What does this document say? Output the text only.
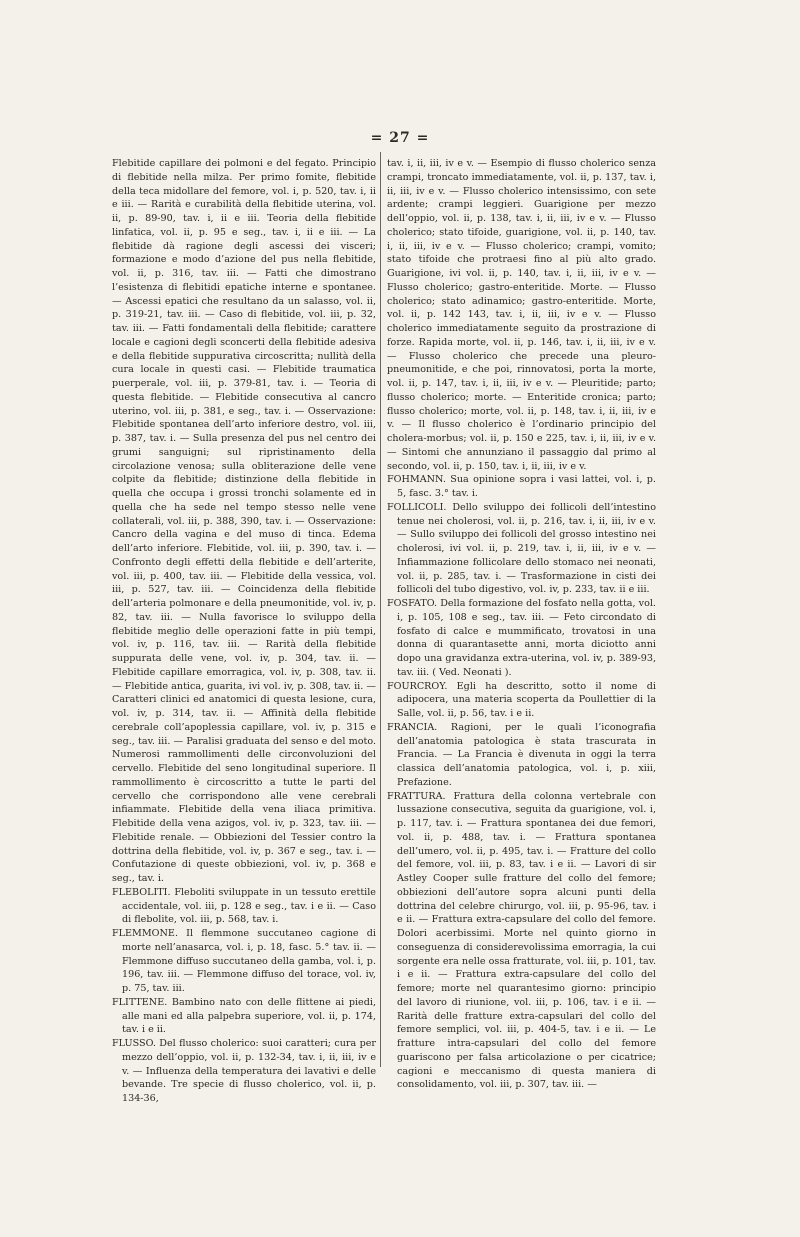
= 27 =

Flebitide capillare dei polmoni e del fegato. Principio di flebitide nella milza. Per primo fomite, flebitide della teca midollare del femore, vol. i, p. 520, tav. i, ii e iii. — Rarità e curabilità della flebitide uterina, vol. ii, p. 89-90, tav. i, ii e iii. Teoria della flebitide linfatica, vol. ii, p. 95 e seg., tav. i, ii e iii. — La flebitide dà ragione degli ascessi dei visceri; formazione e modo d’azione del pus nella flebitide, vol. ii, p. 316, tav. iii. — Fatti che dimostrano l’esistenza di flebitidi epatiche interne e spontanee. — Ascessi epatici che resultano da un salasso, vol. ii, p. 319-21, tav. iii. — Caso di flebitide, vol. iii, p. 32, tav. iii. — Fatti fondamentali della flebitide; carattere locale e cagioni degli sconcerti della flebitide adesiva e della flebitide suppurativa circoscritta; nullità della cura locale in questi casi. — Flebitide traumatica puerperale, vol. iii, p. 379-81, tav. i. — Teoria di questa flebitide. — Flebitide consecutiva al cancro uterino, vol. iii, p. 381, e seg., tav. i. — Osservazione: Flebitide spontanea dell’arto inferiore destro, vol. iii, p. 387, tav. i. — Sulla presenza del pus nel centro dei grumi sanguigni; sul ripristinamento della circolazione venosa; sulla obliterazione delle vene colpite da flebitide; distinzione della flebitide in quella che occupa i grossi tronchi solamente ed in quella che ha sede nel tempo stesso nelle vene collaterali, vol. iii, p. 388, 390, tav. i. — Osservazione: Cancro della vagina e del muso di tinca. Edema dell’arto inferiore. Flebitide, vol. iii, p. 390, tav. i. — Confronto degli effetti della flebitide e dell’arterite, vol. iii, p. 400, tav. iii. — Flebitide della vessica, vol. iii, p. 527, tav. iii. — Coincidenza della flebitide dell’arteria polmonare e della pneumonitide, vol. iv, p. 82, tav. iii. — Nulla favorisce lo sviluppo della flebitide meglio delle operazioni fatte in più tempi, vol. iv, p. 116, tav. iii. — Rarità della flebitide suppurata delle vene, vol. iv, p. 304, tav. ii. — Flebitide capillare emorragica, vol. iv, p. 308, tav. ii. — Flebitide antica, guarita, ivi vol. iv, p. 308, tav. ii. — Caratteri clinici ed anatomici di questa lesione, cura, vol. iv, p. 314, tav. ii. — Affinità della flebitide cerebrale coll’apoplessia capillare, vol. iv, p. 315 e seg., tav. iii. — Paralisi graduata del senso e del moto. Numerosi rammollimenti delle circonvoluzioni del cervello. Flebitide del seno longitudinal superiore. Il rammollimento è circoscritto a tutte le parti del cervello che corrispondono alle vene cerebrali infiammate. Flebitide della vena iliaca primitiva. Flebitide della vena azigos, vol. iv, p. 323, tav. iii. — Flebitide renale. — Obbiezioni del Tessier contro la dottrina della flebitide, vol. iv, p. 367 e seg., tav. i. — Confutazione di queste obbiezioni, vol. iv, p. 368 e seg., tav. i.

FLEBOLITI. Fleboliti sviluppate in un tessuto erettile accidentale, vol. iii, p. 128 e seg., tav. i e ii. — Caso di flebolite, vol. iii, p. 568, tav. i.

FLEMMONE. Il flemmone succutaneo cagione di morte nell’anasarca, vol. i, p. 18, fasc. 5.° tav. ii. — Flemmone diffuso succutaneo della gamba, vol. i, p. 196, tav. iii. — Flemmone diffuso del torace, vol. iv, p. 75, tav. iii.

FLITTENE. Bambino nato con delle flittene ai piedi, alle mani ed alla palpebra superiore, vol. ii, p. 174, tav. i e ii.

FLUSSO. Del flusso cholerico: suoi caratteri; cura per mezzo dell’oppio, vol. ii, p. 132-34, tav. i, ii, iii, iv e v. — Influenza della temperatura dei lavativi e delle bevande. Tre specie di flusso cholerico, vol. ii, p. 134-36,

tav. i, ii, iii, iv e v. — Esempio di flusso cholerico senza crampi, troncato immediatamente, vol. ii, p. 137, tav. i, ii, iii, iv e v. — Flusso cholerico intensissimo, con sete ardente; crampi leggieri. Guarigione per mezzo dell’oppio, vol. ii, p. 138, tav. i, ii, iii, iv e v. — Flusso cholerico; stato tifoide, guarigione, vol. ii, p. 140, tav. i, ii, iii, iv e v. — Flusso cholerico; crampi, vomito; stato tifoide che protraesi fino al più alto grado. Guarigione, ivi vol. ii, p. 140, tav. i, ii, iii, iv e v. — Flusso cholerico; gastro-enteritide. Morte. — Flusso cholerico; stato adinamico; gastro-enteritide. Morte, vol. ii, p. 142 143, tav. i, ii, iii, iv e v. — Flusso cholerico immediatamente seguito da prostrazione di forze. Rapida morte, vol. ii, p. 146, tav. i, ii, iii, iv e v. — Flusso cholerico che precede una pleuro-pneumonitide, e che poi, rinnovatosi, porta la morte, vol. ii, p. 147, tav. i, ii, iii, iv e v. — Pleuritide; parto; flusso cholerico; morte. — Enteritide cronica; parto; flusso cholerico; morte, vol. ii, p. 148, tav. i, ii, iii, iv e v. — Il flusso cholerico è l’ordinario principio del cholera-morbus; vol. ii, p. 150 e 225, tav. i, ii, iii, iv e v. — Sintomi che annunziano il passaggio dal primo al secondo, vol. ii, p. 150, tav. i, ii, iii, iv e v.

FOHMANN. Sua opinione sopra i vasi lattei, vol. i, p. 5, fasc. 3.° tav. i.

FOLLICOLI. Dello sviluppo dei follicoli dell’intestino tenue nei cholerosi, vol. ii, p. 216, tav. i, ii, iii, iv e v. — Sullo sviluppo dei follicoli del grosso intestino nei cholerosi, ivi vol. ii, p. 219, tav. i, ii, iii, iv e v. — Infiammazione follicolare dello stomaco nei neonati, vol. ii, p. 285, tav. i. — Trasformazione in cisti dei follicoli del tubo digestivo, vol. iv, p. 233, tav. ii e iii.

FOSFATO. Della formazione del fosfato nella gotta, vol. i, p. 105, 108 e seg., tav. iii. — Feto circondato di fosfato di calce e mummificato, trovatosi in una donna di quarantasette anni, morta diciotto anni dopo una gravidanza extra-uterina, vol. iv, p. 389-93, tav. iii. ( Ved. Neonati ).

FOURCROY. Egli ha descritto, sotto il nome di adipocera, una materia scoperta da Poullettier di la Salle, vol. ii, p. 56, tav. i e ii.

FRANCIA. Ragioni, per le quali l’iconografia dell’anatomia patologica è stata trascurata in Francia. — La Francia è divenuta in oggi la terra classica dell’anatomia patologica, vol. i, p. xiii, Prefazione.

FRATTURA. Frattura della colonna vertebrale con lussazione consecutiva, seguita da guarigione, vol. i, p. 117, tav. i. — Frattura spontanea dei due femori, vol. ii, p. 488, tav. i. — Frattura spontanea dell’umero, vol. ii, p. 495, tav. i. — Fratture del collo del femore, vol. iii, p. 83, tav. i e ii. — Lavori di sir Astley Cooper sulle fratture del collo del femore; obbiezioni dell’autore sopra alcuni punti della dottrina del celebre chirurgo, vol. iii, p. 95-96, tav. i e ii. — Frattura extra-capsulare del collo del femore. Dolori acerbissimi. Morte nel quinto giorno in conseguenza di considerevolissima emorragia, la cui sorgente era nelle ossa fratturate, vol. iii, p. 101, tav. i e ii. — Frattura extra-capsulare del collo del femore; morte nel quarantesimo giorno: principio del lavoro di riunione, vol. iii, p. 106, tav. i e ii. — Rarità delle fratture extra-capsulari del collo del femore semplici, vol. iii, p. 404-5, tav. i e ii. — Le fratture intra-capsulari del collo del femore guariscono per falsa articolazione o per cicatrice; cagioni e meccanismo di questa maniera di consolidamento, vol. iii, p. 307, tav. iii. —
